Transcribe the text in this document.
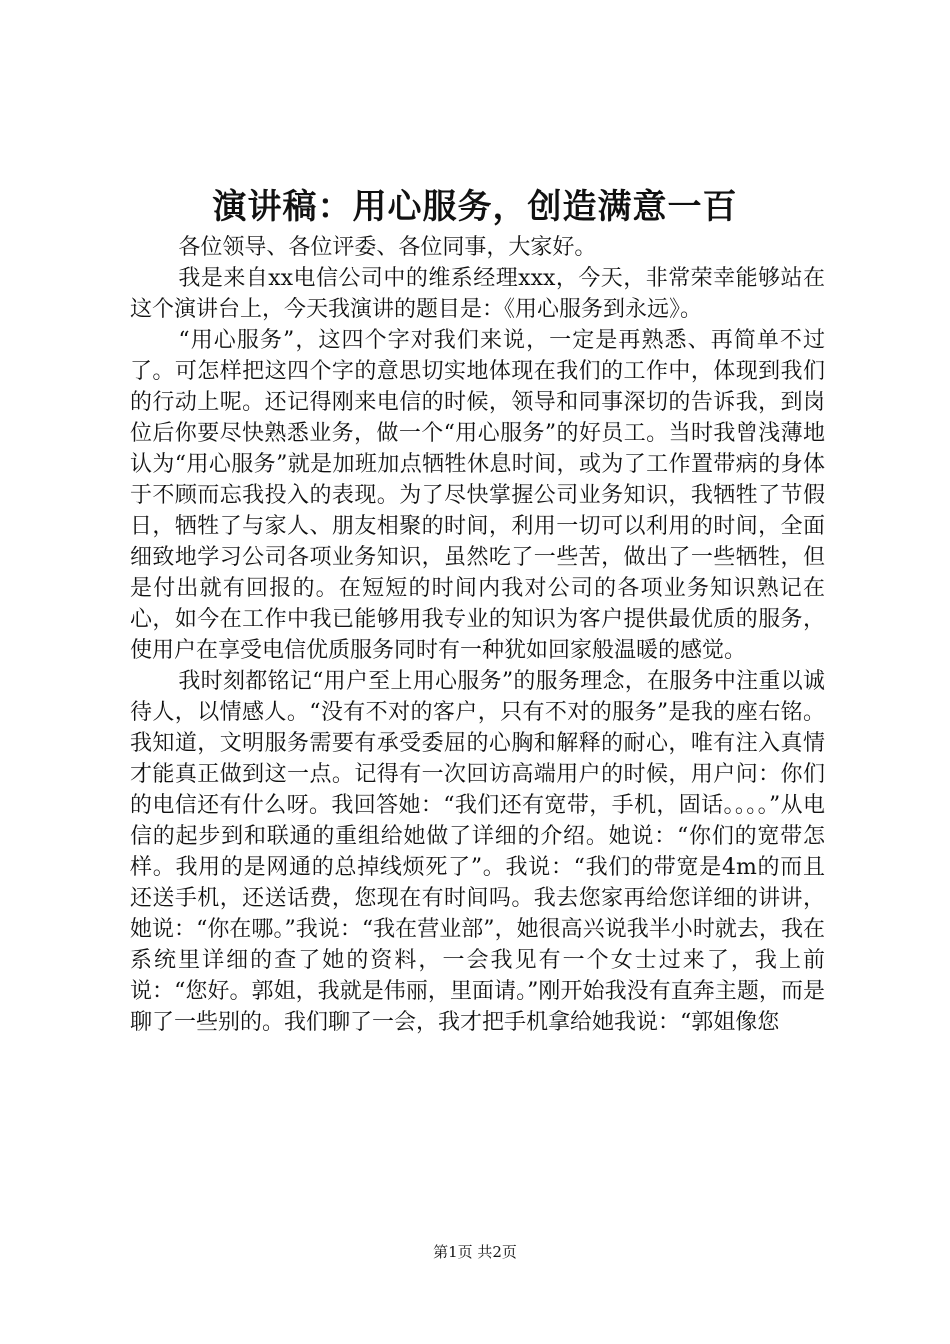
演讲稿：用心服务，创造满意一百

各位领导、各位评委、各位同事，大家好。

我是来自xx电信公司中的维系经理xxx，今天，非常荣幸能够站在这个演讲台上，今天我演讲的题目是：《用心服务到永远》。

“用心服务”，这四个字对我们来说，一定是再熟悉、再简单不过了。可怎样把这四个字的意思切实地体现在我们的工作中，体现到我们的行动上呢。还记得刚来电信的时候，领导和同事深切的告诉我，到岗位后你要尽快熟悉业务，做一个“用心服务”的好员工。当时我曾浅薄地认为“用心服务”就是加班加点牺牲休息时间，或为了工作置带病的身体于不顾而忘我投入的表现。为了尽快掌握公司业务知识，我牺牲了节假日，牺牲了与家人、朋友相聚的时间，利用一切可以利用的时间，全面细致地学习公司各项业务知识，虽然吃了一些苦，做出了一些牺牲，但是付出就有回报的。在短短的时间内我对公司的各项业务知识熟记在心，如今在工作中我已能够用我专业的知识为客户提供最优质的服务，使用户在享受电信优质服务同时有一种犹如回家般温暖的感觉。

我时刻都铭记“用户至上用心服务”的服务理念，在服务中注重以诚待人，以情感人。“没有不对的客户，只有不对的服务”是我的座右铭。我知道，文明服务需要有承受委屈的心胸和解释的耐心，唯有注入真情才能真正做到这一点。记得有一次回访高端用户的时候，用户问：你们的电信还有什么呀。我回答她：“我们还有宽带，手机，固话。。。。”从电信的起步到和联通的重组给她做了详细的介绍。她说：“你们的宽带怎样。我用的是网通的总掉线烦死了”。我说：“我们的带宽是4m的而且还送手机，还送话费，您现在有时间吗。我去您家再给您详细的讲讲，她说：“你在哪。”我说：“我在营业部”，她很高兴说我半小时就去，我在系统里详细的查了她的资料，一会我见有一个女士过来了，我上前说：“您好。郭姐，我就是伟丽，里面请。”刚开始我没有直奔主题，而是聊了一些别的。我们聊了一会，我才把手机拿给她我说：“郭姐像您

第1页 共2页
